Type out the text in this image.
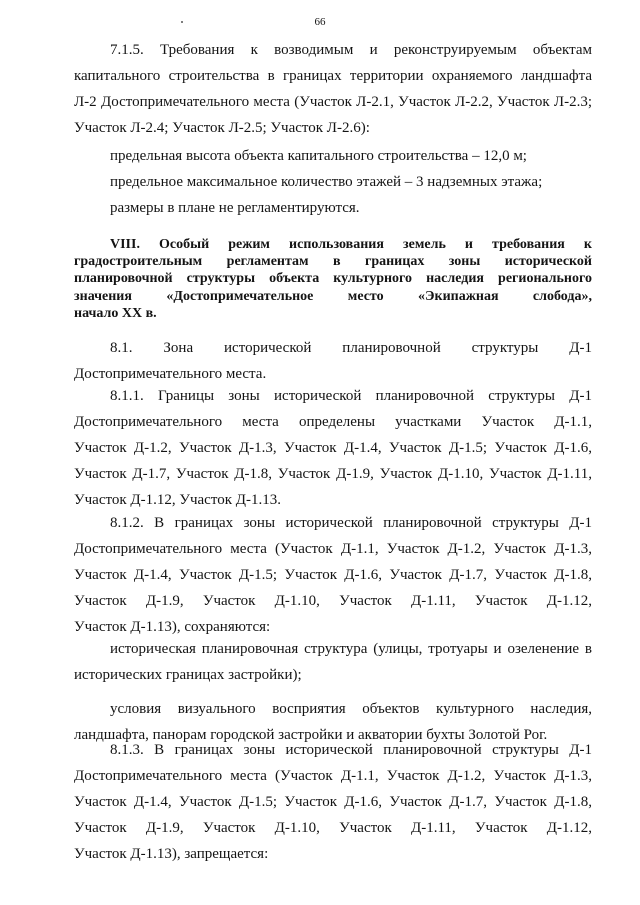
66
7.1.5. Требования к возводимым и реконструируемым объектам
капитального строительства в границах территории охраняемого ландшафта
Л-2 Достопримечательного места (Участок Л-2.1, Участок Л-2.2, Участок Л-2.3;
Участок Л-2.4; Участок Л-2.5; Участок Л-2.6):
предельная высота объекта капитального строительства – 12,0 м;
предельное максимальное количество этажей – 3 надземных этажа;
размеры в плане не регламентируются.
VIII. Особый режим использования земель и требования к
градостроительным регламентам в границах зоны исторической
планировочной структуры объекта культурного наследия регионального
значения «Достопримечательное место «Экипажная слобода»,
начало XX в.
8.1. Зона исторической планировочной структуры Д-1
Достопримечательного места.
8.1.1. Границы зоны исторической планировочной структуры Д-1
Достопримечательного места определены участками Участок Д-1.1,
Участок Д-1.2, Участок Д-1.3, Участок Д-1.4, Участок Д-1.5; Участок Д-1.6,
Участок Д-1.7, Участок Д-1.8, Участок Д-1.9, Участок Д-1.10, Участок Д-1.11,
Участок Д-1.12, Участок Д-1.13.
8.1.2. В границах зоны исторической планировочной структуры Д-1
Достопримечательного места (Участок Д-1.1, Участок Д-1.2, Участок Д-1.3,
Участок Д-1.4, Участок Д-1.5; Участок Д-1.6, Участок Д-1.7, Участок Д-1.8,
Участок Д-1.9, Участок Д-1.10, Участок Д-1.11, Участок Д-1.12,
Участок Д-1.13), сохраняются:
историческая планировочная структура (улицы, тротуары и озеленение в
исторических границах застройки);
условия визуального восприятия объектов культурного наследия,
ландшафта, панорам городской застройки и акватории бухты Золотой Рог.
8.1.3. В границах зоны исторической планировочной структуры Д-1
Достопримечательного места (Участок Д-1.1, Участок Д-1.2, Участок Д-1.3,
Участок Д-1.4, Участок Д-1.5; Участок Д-1.6, Участок Д-1.7, Участок Д-1.8,
Участок Д-1.9, Участок Д-1.10, Участок Д-1.11, Участок Д-1.12,
Участок Д-1.13), запрещается:
